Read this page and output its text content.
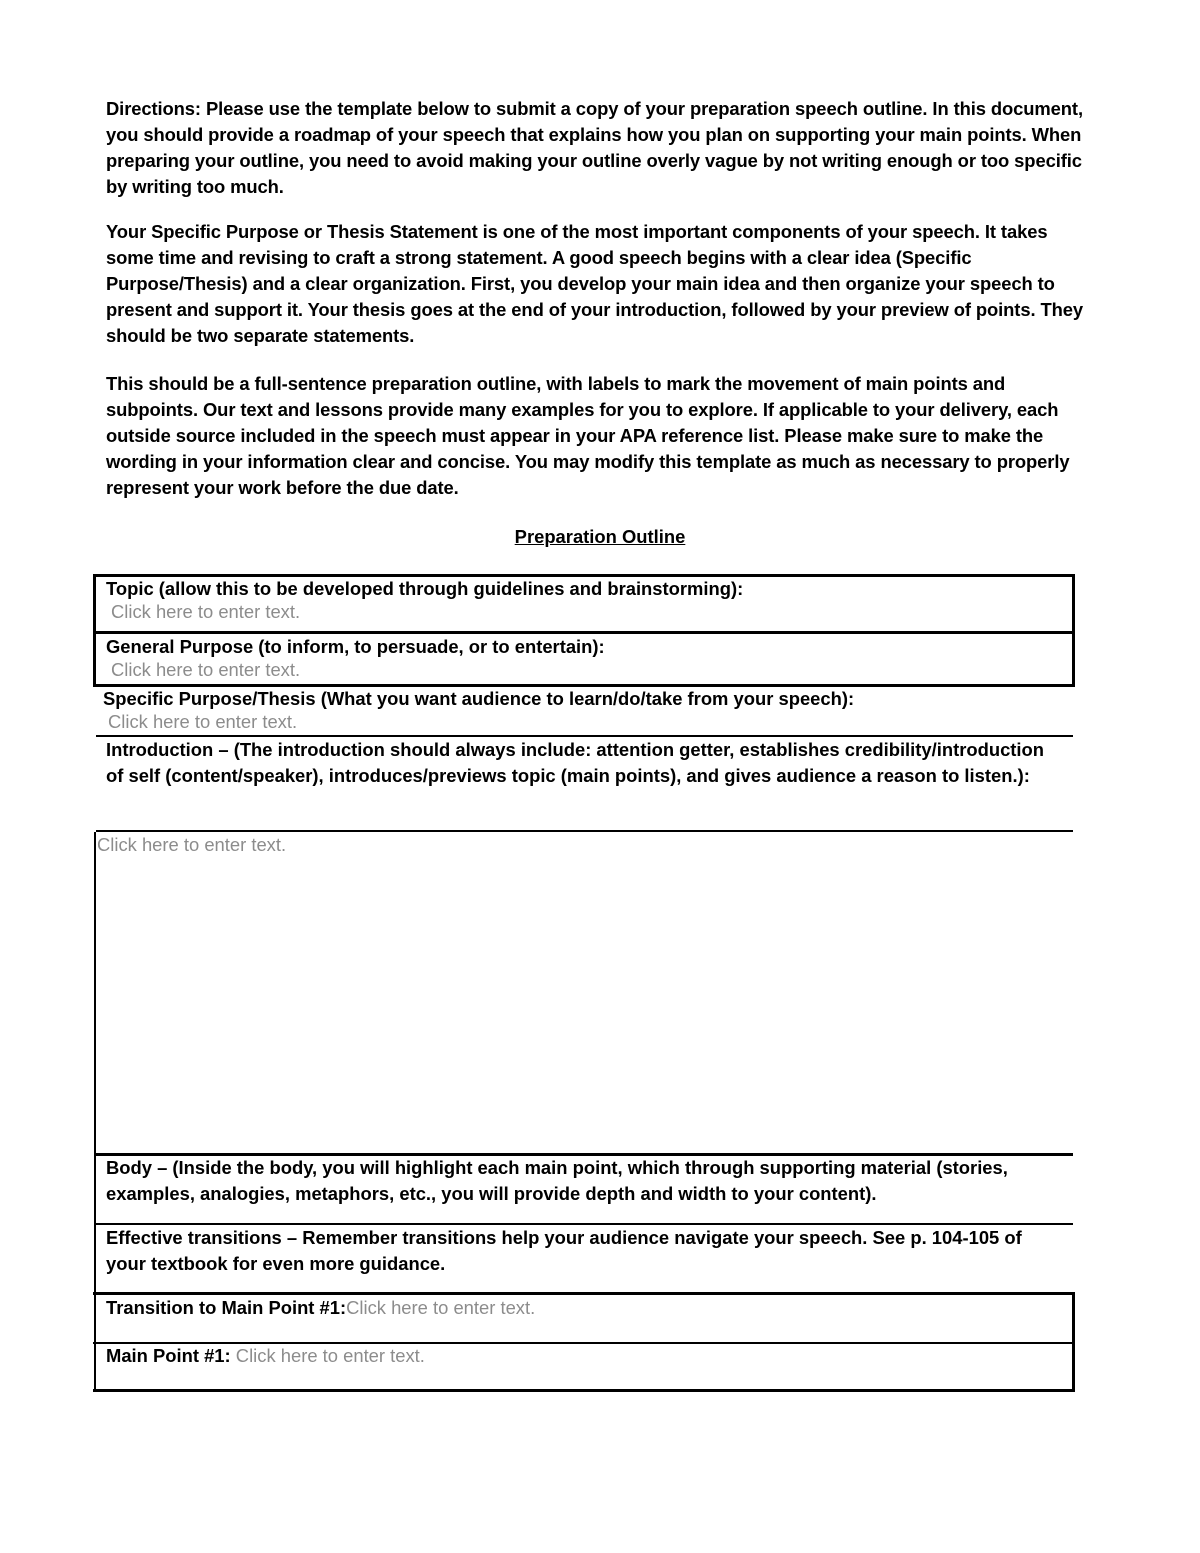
Directions: Please use the template below to submit a copy of your preparation speech outline. In this document, you should provide a roadmap of your speech that explains how you plan on supporting your main points. When preparing your outline, you need to avoid making your outline overly vague by not writing enough or too specific by writing too much.

Your Specific Purpose or Thesis Statement is one of the most important components of your speech. It takes some time and revising to craft a strong statement. A good speech begins with a clear idea (Specific Purpose/Thesis) and a clear organization. First, you develop your main idea and then organize your speech to present and support it. Your thesis goes at the end of your introduction, followed by your preview of points. They should be two separate statements.

This should be a full-sentence preparation outline, with labels to mark the movement of main points and subpoints. Our text and lessons provide many examples for you to explore. If applicable to your delivery, each outside source included in the speech must appear in your APA reference list. Please make sure to make the wording in your information clear and concise. You may modify this template as much as necessary to properly represent your work before the due date.

Preparation Outline
Topic (allow this to be developed through guidelines and brainstorming):
Click here to enter text.
General Purpose (to inform, to persuade, or to entertain):
Click here to enter text.
Specific Purpose/Thesis (What you want audience to learn/do/take from your speech):
Click here to enter text.
Introduction – (The introduction should always include: attention getter, establishes credibility/introduction of self (content/speaker), introduces/previews topic (main points), and gives audience a reason to listen.):
Click here to enter text.
Body – (Inside the body, you will highlight each main point, which through supporting material (stories, examples, analogies, metaphors, etc., you will provide depth and width to your content).
Effective transitions – Remember transitions help your audience navigate your speech. See p. 104-105 of your textbook for even more guidance.
Transition to Main Point #1:Click here to enter text.
Main Point #1: Click here to enter text.
